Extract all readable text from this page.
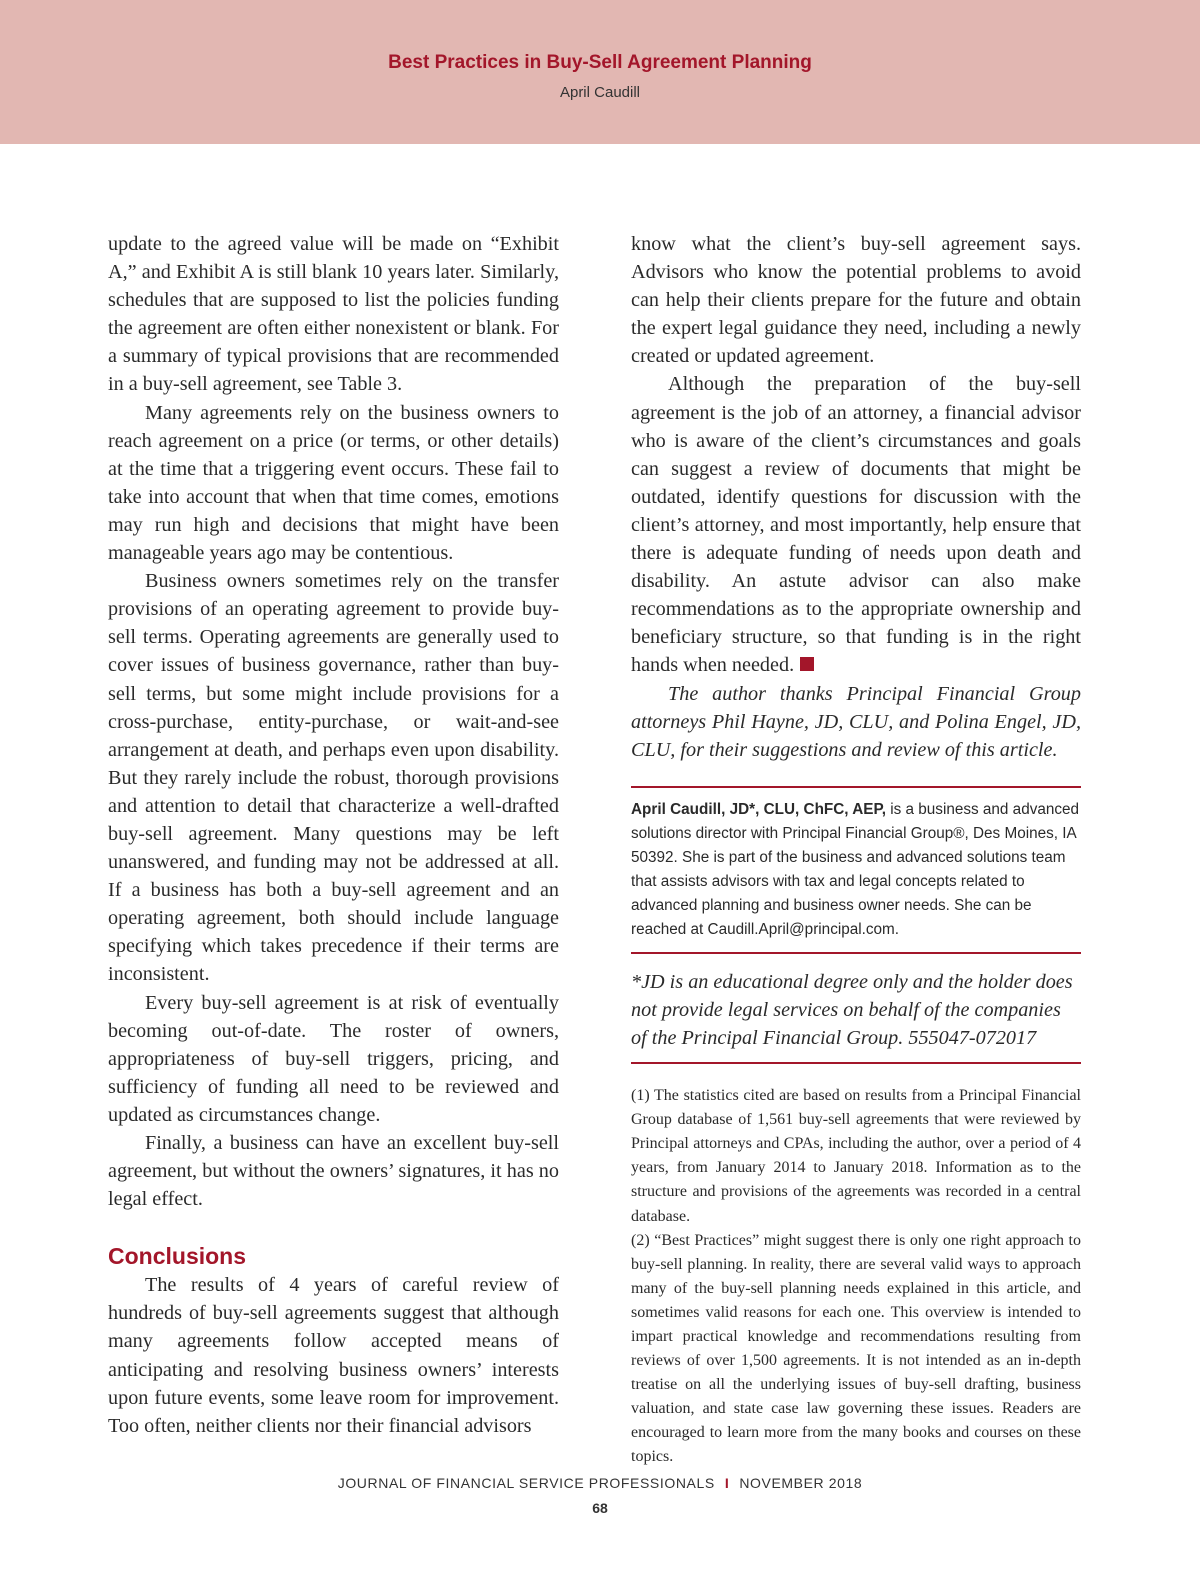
Best Practices in Buy-Sell Agreement Planning
April Caudill

update to the agreed value will be made on “Exhibit A,” and Exhibit A is still blank 10 years later. Similarly, schedules that are supposed to list the policies funding the agreement are often either nonexistent or blank. For a summary of typical provisions that are recommended in a buy-sell agreement, see Table 3.

Many agreements rely on the business owners to reach agreement on a price (or terms, or other details) at the time that a triggering event occurs. These fail to take into account that when that time comes, emotions may run high and decisions that might have been manageable years ago may be contentious.

Business owners sometimes rely on the transfer provisions of an operating agreement to provide buy-sell terms. Operating agreements are generally used to cover issues of business governance, rather than buy-sell terms, but some might include provisions for a cross-purchase, entity-purchase, or wait-and-see arrangement at death, and perhaps even upon disability. But they rarely include the robust, thorough provisions and attention to detail that characterize a well-drafted buy-sell agreement. Many questions may be left unanswered, and funding may not be addressed at all. If a business has both a buy-sell agreement and an operating agreement, both should include language specifying which takes precedence if their terms are inconsistent.

Every buy-sell agreement is at risk of eventually becoming out-of-date. The roster of owners, appropriateness of buy-sell triggers, pricing, and sufficiency of funding all need to be reviewed and updated as circumstances change.

Finally, a business can have an excellent buy-sell agreement, but without the owners’ signatures, it has no legal effect.

Conclusions

The results of 4 years of careful review of hundreds of buy-sell agreements suggest that although many agreements follow accepted means of anticipating and resolving business owners’ interests upon future events, some leave room for improvement. Too often, neither clients nor their financial advisors

know what the client’s buy-sell agreement says. Advisors who know the potential problems to avoid can help their clients prepare for the future and obtain the expert legal guidance they need, including a newly created or updated agreement.

Although the preparation of the buy-sell agreement is the job of an attorney, a financial advisor who is aware of the client’s circumstances and goals can suggest a review of documents that might be outdated, identify questions for discussion with the client’s attorney, and most importantly, help ensure that there is adequate funding of needs upon death and disability. An astute advisor can also make recommendations as to the appropriate ownership and beneficiary structure, so that funding is in the right hands when needed.

The author thanks Principal Financial Group attorneys Phil Hayne, JD, CLU, and Polina Engel, JD, CLU, for their suggestions and review of this article.

April Caudill, JD*, CLU, ChFC, AEP, is a business and advanced solutions director with Principal Financial Group®, Des Moines, IA 50392. She is part of the business and advanced solutions team that assists advisors with tax and legal concepts related to advanced planning and business owner needs. She can be reached at Caudill.April@principal.com.

*JD is an educational degree only and the holder does not provide legal services on behalf of the companies of the Principal Financial Group. 555047-072017

(1) The statistics cited are based on results from a Principal Financial Group database of 1,561 buy-sell agreements that were reviewed by Principal attorneys and CPAs, including the author, over a period of 4 years, from January 2014 to January 2018. Information as to the structure and provisions of the agreements was recorded in a central database.

(2) “Best Practices” might suggest there is only one right approach to buy-sell planning. In reality, there are several valid ways to approach many of the buy-sell planning needs explained in this article, and sometimes valid reasons for each one. This overview is intended to impart practical knowledge and recommendations resulting from reviews of over 1,500 agreements. It is not intended as an in-depth treatise on all the underlying issues of buy-sell drafting, business valuation, and state case law governing these issues. Readers are encouraged to learn more from the many books and courses on these topics.

JOURNAL OF FINANCIAL SERVICE PROFESSIONALS I NOVEMBER 2018
68
